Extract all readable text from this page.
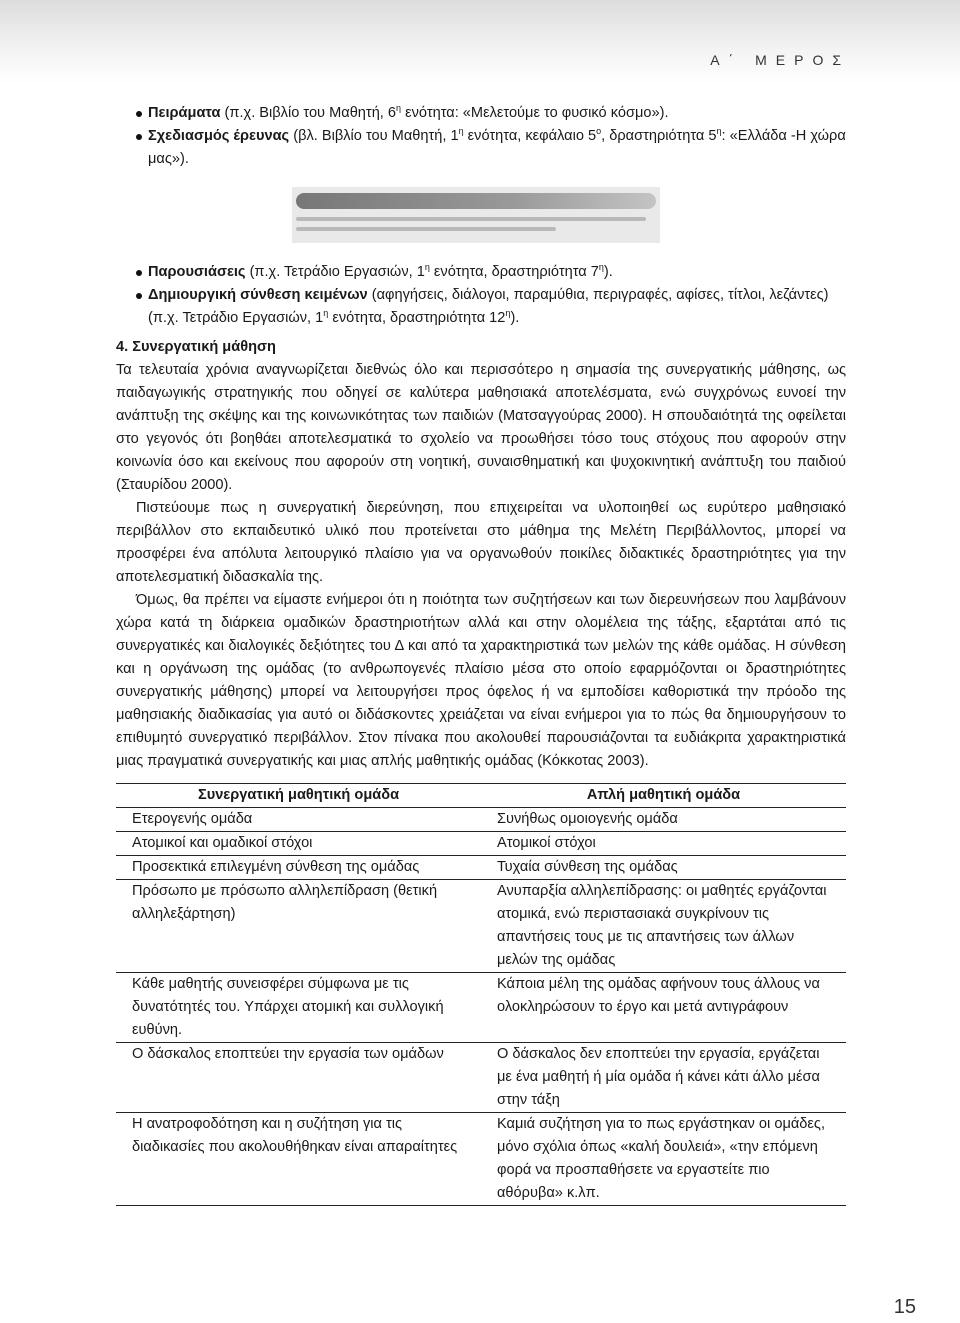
Α΄ ΜΕΡΟΣ
Πειράματα (π.χ. Βιβλίο του Μαθητή, $6^\eta$ ενότητα: «Μελετούμε το φυσικό κόσμο»).
Σχεδιασμός έρευνας (βλ. Βιβλίο του Μαθητή, $1^\eta$ ενότητα, κεφάλαιο $5^o$, δραστηριότητα $5^\eta$: «Ελλάδα -Η χώρα μας»).
Παρουσιάσεις (π.χ. Τετράδιο Εργασιών, $1^\eta$ ενότητα, δραστηριότητα $7^\eta$).
Δημιουργική σύνθεση κειμένων (αφηγήσεις, διάλογοι, παραμύθια, περιγραφές, αφίσες, τίτλοι, λεζάντες) (π.χ. Τετράδιο Εργασιών, $1^\eta$ ενότητα, δραστηριότητα $12^\eta$).
4. Συνεργατική μάθηση

Τα τελευταία χρόνια αναγνωρίζεται διεθνώς όλο και περισσότερο η σημασία της συνεργατικής μάθησης, ως παιδαγωγικής στρατηγικής που οδηγεί σε καλύτερα μαθησιακά αποτελέσματα, ενώ συγχρόνως ευνοεί την ανάπτυξη της σκέψης και της κοινωνικότητας των παιδιών (Ματσαγγούρας 2000). Η σπουδαιότητά της οφείλεται στο γεγονός ότι βοηθάει αποτελεσματικά το σχολείο να προωθήσει τόσο τους στόχους που αφορούν στην κοινωνία όσο και εκείνους που αφορούν στη νοητική, συναισθηματική και ψυχοκινητική ανάπτυξη του παιδιού (Σταυρίδου 2000).

Πιστεύουμε πως η συνεργατική διερεύνηση, που επιχειρείται να υλοποιηθεί ως ευρύτερο μαθησιακό περιβάλλον στο εκπαιδευτικό υλικό που προτείνεται στο μάθημα της Μελέτη Περιβάλλοντος, μπορεί να προσφέρει ένα απόλυτα λειτουργικό πλαίσιο για να οργανωθούν ποικίλες διδακτικές δραστηριότητες για την αποτελεσματική διδασκαλία της.

Όμως, θα πρέπει να είμαστε ενήμεροι ότι η ποιότητα των συζητήσεων και των διερευνήσεων που λαμβάνουν χώρα κατά τη διάρκεια ομαδικών δραστηριοτήτων αλλά και στην ολομέλεια της τάξης, εξαρτάται από τις συνεργατικές και διαλογικές δεξιότητες του Δ και από τα χαρακτηριστικά των μελών της κάθε ομάδας. Η σύνθεση και η οργάνωση της ομάδας (το ανθρωπογενές πλαίσιο μέσα στο οποίο εφαρμόζονται οι δραστηριότητες συνεργατικής μάθησης) μπορεί να λειτουργήσει προς όφελος ή να εμποδίσει καθοριστικά την πρόοδο της μαθησιακής διαδικασίας για αυτό οι διδάσκοντες χρειάζεται να είναι ενήμεροι για το πώς θα δημιουργήσουν το επιθυμητό συνεργατικό περιβάλλον. Στον πίνακα που ακολουθεί παρουσιάζονται τα ευδιάκριτα χαρακτηριστικά μιας πραγματικά συνεργατικής και μιας απλής μαθητικής ομάδας (Κόκκοτας 2003).

Συνεργατική μαθητική ομάδα	Απλή μαθητική ομάδα
Ετερογενής ομάδα	Συνήθως ομοιογενής ομάδα
Ατομικοί και ομαδικοί στόχοι	Ατομικοί στόχοι
Προσεκτικά επιλεγμένη σύνθεση της ομάδας	Τυχαία σύνθεση της ομάδας
Πρόσωπο με πρόσωπο αλληλεπίδραση (θετική αλληλεξάρτηση)	Ανυπαρξία αλληλεπίδρασης: οι μαθητές εργάζονται ατομικά, ενώ περιστασιακά συγκρίνουν τις απαντήσεις τους με τις απαντήσεις των άλλων μελών της ομάδας
Κάθε μαθητής συνεισφέρει σύμφωνα με τις δυνατότητές του. Υπάρχει ατομική και συλλογική ευθύνη.	Κάποια μέλη της ομάδας αφήνουν τους άλλους να ολοκληρώσουν το έργο και μετά αντιγράφουν
Ο δάσκαλος εποπτεύει την εργασία των ομάδων	Ο δάσκαλος δεν εποπτεύει την εργασία, εργάζεται με ένα μαθητή ή μία ομάδα ή κάνει κάτι άλλο μέσα στην τάξη
Η ανατροφοδότηση και η συζήτηση για τις διαδικασίες που ακολουθήθηκαν είναι απαραίτητες	Καμιά συζήτηση για το πως εργάστηκαν οι ομάδες, μόνο σχόλια όπως «καλή δουλειά», «την επόμενη φορά να προσπαθήσετε να εργαστείτε πιο αθόρυβα» κ.λπ.
15
